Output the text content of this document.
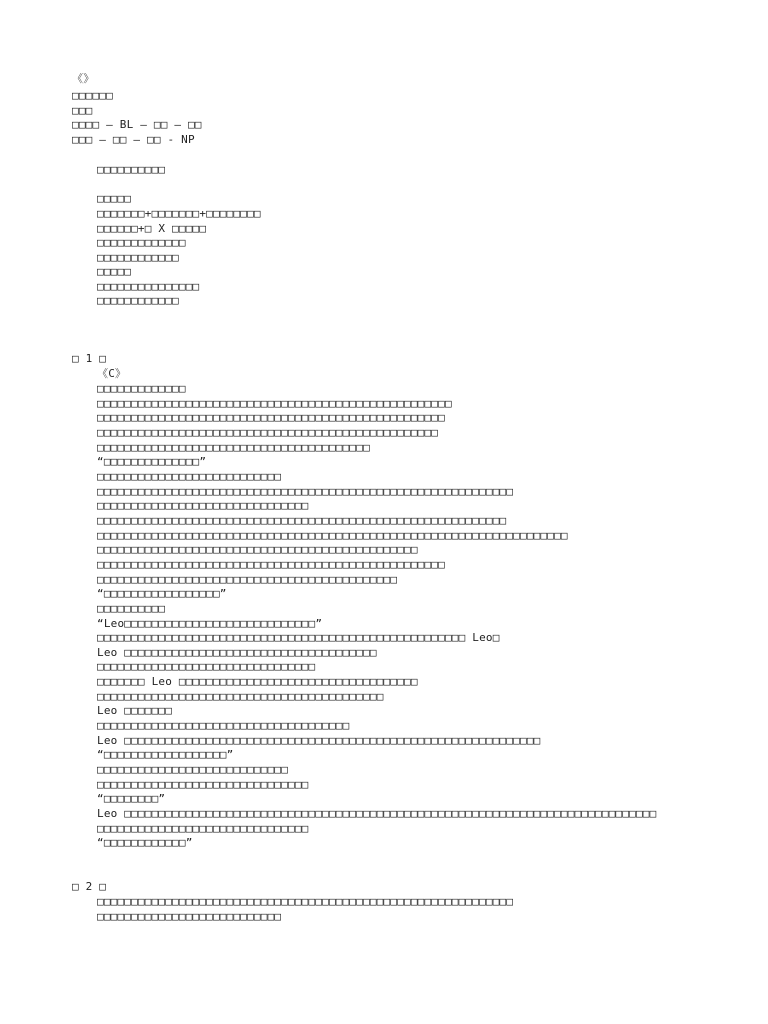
《》
□□□□□□
□□□
□□□□ – BL – □□ – □□
□□□ – □□ – □□ - NP
□□□□□□□□□□
□□□□□
□□□□□□□+□□□□□□□+□□□□□□□□
□□□□□□+□ X □□□□□
□□□□□□□□□□□□□
□□□□□□□□□□□□
□□□□□
□□□□□□□□□□□□□□□
□□□□□□□□□□□□
□ 1 □
《C》
□□□□□□□□□□□□□
□□□□□□□□□□□□□□□□□□□□□□□□□□□□□□□□□□□□□□□□□□□□□□□□□□□□
□□□□□□□□□□□□□□□□□□□□□□□□□□□□□□□□□□□□□□□□□□□□□□□□□□□
□□□□□□□□□□□□□□□□□□□□□□□□□□□□□□□□□□□□□□□□□□□□□□□□□□
□□□□□□□□□□□□□□□□□□□□□□□□□□□□□□□□□□□□□□□□
“□□□□□□□□□□□□□□”
□□□□□□□□□□□□□□□□□□□□□□□□□□□
□□□□□□□□□□□□□□□□□□□□□□□□□□□□□□□□□□□□□□□□□□□□□□□□□□□□□□□□□□□□□
□□□□□□□□□□□□□□□□□□□□□□□□□□□□□□□
□□□□□□□□□□□□□□□□□□□□□□□□□□□□□□□□□□□□□□□□□□□□□□□□□□□□□□□□□□□□
□□□□□□□□□□□□□□□□□□□□□□□□□□□□□□□□□□□□□□□□□□□□□□□□□□□□□□□□□□□□□□□□□□□□□
□□□□□□□□□□□□□□□□□□□□□□□□□□□□□□□□□□□□□□□□□□□□□□□
□□□□□□□□□□□□□□□□□□□□□□□□□□□□□□□□□□□□□□□□□□□□□□□□□□□
□□□□□□□□□□□□□□□□□□□□□□□□□□□□□□□□□□□□□□□□□□□□
“□□□□□□□□□□□□□□□□□”
□□□□□□□□□□
“Leo□□□□□□□□□□□□□□□□□□□□□□□□□□□□”
□□□□□□□□□□□□□□□□□□□□□□□□□□□□□□□□□□□□□□□□□□□□□□□□□□□□□□ Leo□
Leo □□□□□□□□□□□□□□□□□□□□□□□□□□□□□□□□□□□□□
□□□□□□□□□□□□□□□□□□□□□□□□□□□□□□□□
□□□□□□□ Leo □□□□□□□□□□□□□□□□□□□□□□□□□□□□□□□□□□□
□□□□□□□□□□□□□□□□□□□□□□□□□□□□□□□□□□□□□□□□□□
Leo □□□□□□□
□□□□□□□□□□□□□□□□□□□□□□□□□□□□□□□□□□□□□
Leo □□□□□□□□□□□□□□□□□□□□□□□□□□□□□□□□□□□□□□□□□□□□□□□□□□□□□□□□□□□□□
“□□□□□□□□□□□□□□□□□□”
□□□□□□□□□□□□□□□□□□□□□□□□□□□□
□□□□□□□□□□□□□□□□□□□□□□□□□□□□□□□
“□□□□□□□□”
Leo □□□□□□□□□□□□□□□□□□□□□□□□□□□□□□□□□□□□□□□□□□□□□□□□□□□□□□□□□□□□□□□□□□□□□□□□□□□□□□
□□□□□□□□□□□□□□□□□□□□□□□□□□□□□□□
“□□□□□□□□□□□□”
□ 2 □
□□□□□□□□□□□□□□□□□□□□□□□□□□□□□□□□□□□□□□□□□□□□□□□□□□□□□□□□□□□□□
□□□□□□□□□□□□□□□□□□□□□□□□□□□
